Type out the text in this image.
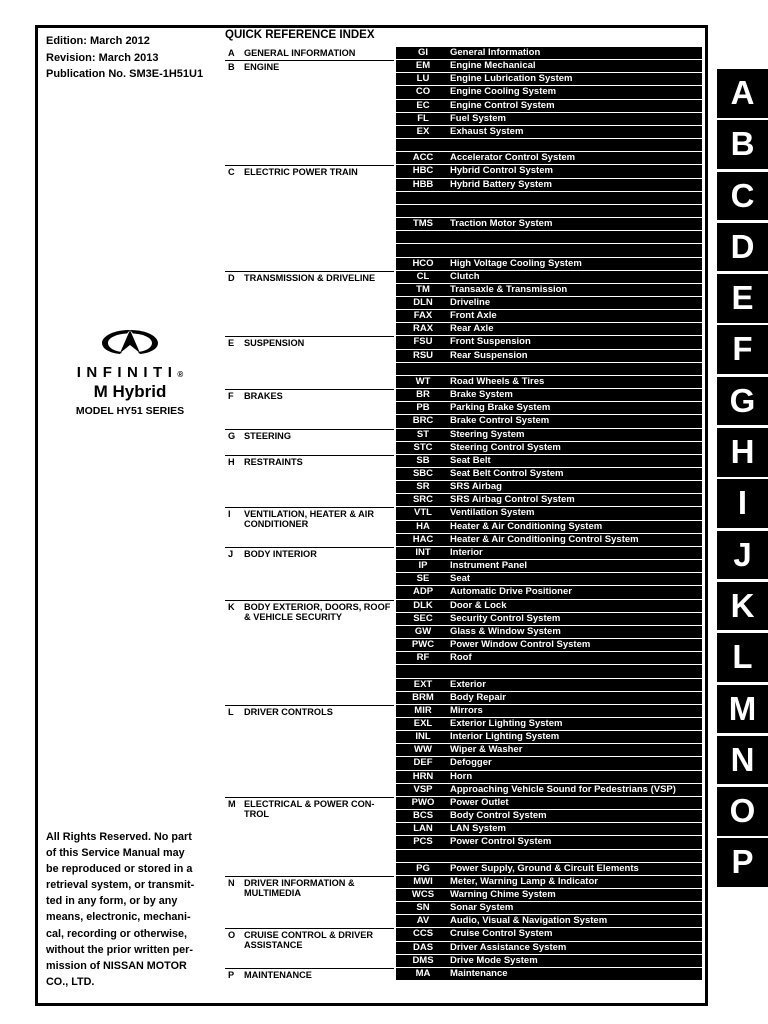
Edition: March 2012
Revision: March 2013
Publication No. SM3E-1H51U1
INFINITI®
M Hybrid
MODEL HY51 SERIES
All Rights Reserved. No part
of this Service Manual may
be reproduced or stored in a
retrieval system, or transmit-
ted in any form, or by any
means, electronic, mechani-
cal, recording or otherwise,
without the prior written per-
mission of NISSAN MOTOR
CO., LTD.
QUICK REFERENCE INDEX
A GENERAL INFORMATION	GI	General Information
B ENGINE	EM	Engine Mechanical
LU	Engine Lubrication System
CO	Engine Cooling System
EC	Engine Control System
FL	Fuel System
EX	Exhaust System
ACC	Accelerator Control System
C ELECTRIC POWER TRAIN	HBC	Hybrid Control System
HBB	Hybrid Battery System
TMS	Traction Motor System
HCO	High Voltage Cooling System
D TRANSMISSION & DRIVELINE	CL	Clutch
TM	Transaxle & Transmission
DLN	Driveline
FAX	Front Axle
RAX	Rear Axle
E SUSPENSION	FSU	Front Suspension
RSU	Rear Suspension
WT	Road Wheels & Tires
F BRAKES	BR	Brake System
PB	Parking Brake System
BRC	Brake Control System
G STEERING	ST	Steering System
STC	Steering Control System
H RESTRAINTS	SB	Seat Belt
SBC	Seat Belt Control System
SR	SRS Airbag
SRC	SRS Airbag Control System
I VENTILATION, HEATER & AIR CONDITIONER
VTL	Ventilation System
HA	Heater & Air Conditioning System
HAC	Heater & Air Conditioning Control System
J BODY INTERIOR	INT	Interior
IP	Instrument Panel
SE	Seat
ADP	Automatic Drive Positioner
K BODY EXTERIOR, DOORS, ROOF & VEHICLE SECURITY
DLK	Door & Lock
SEC	Security Control System
GW	Glass & Window System
PWC	Power Window Control System
RF	Roof
EXT	Exterior
BRM	Body Repair
L DRIVER CONTROLS	MIR	Mirrors
EXL	Exterior Lighting System
INL	Interior Lighting System
WW	Wiper & Washer
DEF	Defogger
HRN	Horn
VSP	Approaching Vehicle Sound for Pedestrians (VSP)
M ELECTRICAL & POWER CON-TROL
PWO	Power Outlet
BCS	Body Control System
LAN	LAN System
PCS	Power Control System
PG	Power Supply, Ground & Circuit Elements
N DRIVER INFORMATION & MULTIMEDIA
MWI	Meter, Warning Lamp & Indicator
WCS	Warning Chime System
SN	Sonar System
AV	Audio, Visual & Navigation System
O CRUISE CONTROL & DRIVER ASSISTANCE
CCS	Cruise Control System
DAS	Driver Assistance System
DMS	Drive Mode System
P MAINTENANCE	MA	Maintenance
A
B
C
D
E
F
G
H
I
J
K
L
M
N
O
P
